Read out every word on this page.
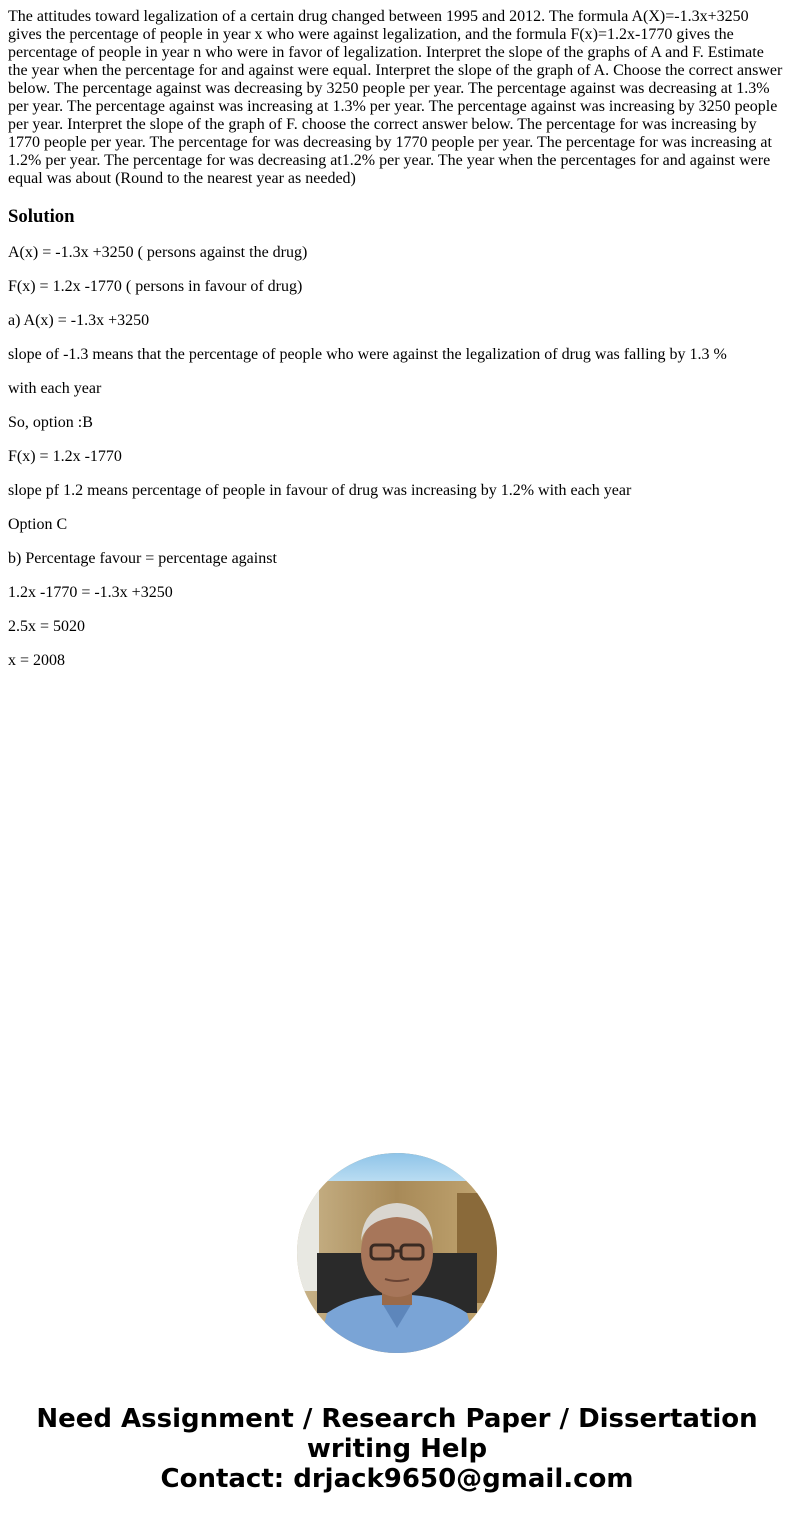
The attitudes toward legalization of a certain drug changed between 1995 and 2012. The formula A(X)=-1.3x+3250 gives the percentage of people in year x who were against legalization, and the formula F(x)=1.2x-1770 gives the percentage of people in year n who were in favor of legalization. Interpret the slope of the graphs of A and F. Estimate the year when the percentage for and against were equal. Interpret the slope of the graph of A. Choose the correct answer below. The percentage against was decreasing by 3250 people per year. The percentage against was decreasing at 1.3% per year. The percentage against was increasing at 1.3% per year. The percentage against was increasing by 3250 people per year. Interpret the slope of the graph of F. choose the correct answer below. The percentage for was increasing by 1770 people per year. The percentage for was decreasing by 1770 people per year. The percentage for was increasing at 1.2% per year. The percentage for was decreasing at1.2% per year. The year when the percentages for and against were equal was about (Round to the nearest year as needed)

Solution

A(x) = -1.3x +3250 ( persons against the drug)

F(x) = 1.2x -1770 ( persons in favour of drug)

a) A(x) = -1.3x +3250

slope of -1.3 means that the percentage of people who were against the legalization of drug was falling by 1.3 %

with each year

So, option :B

F(x) = 1.2x -1770

slope pf 1.2 means percentage of people in favour of drug was increasing by 1.2% with each year

Option C

b) Percentage favour = percentage against

1.2x -1770 = -1.3x +3250

2.5x = 5020

x = 2008

Need Assignment / Research Paper / Dissertation
writing Help
Contact: drjack9650@gmail.com
